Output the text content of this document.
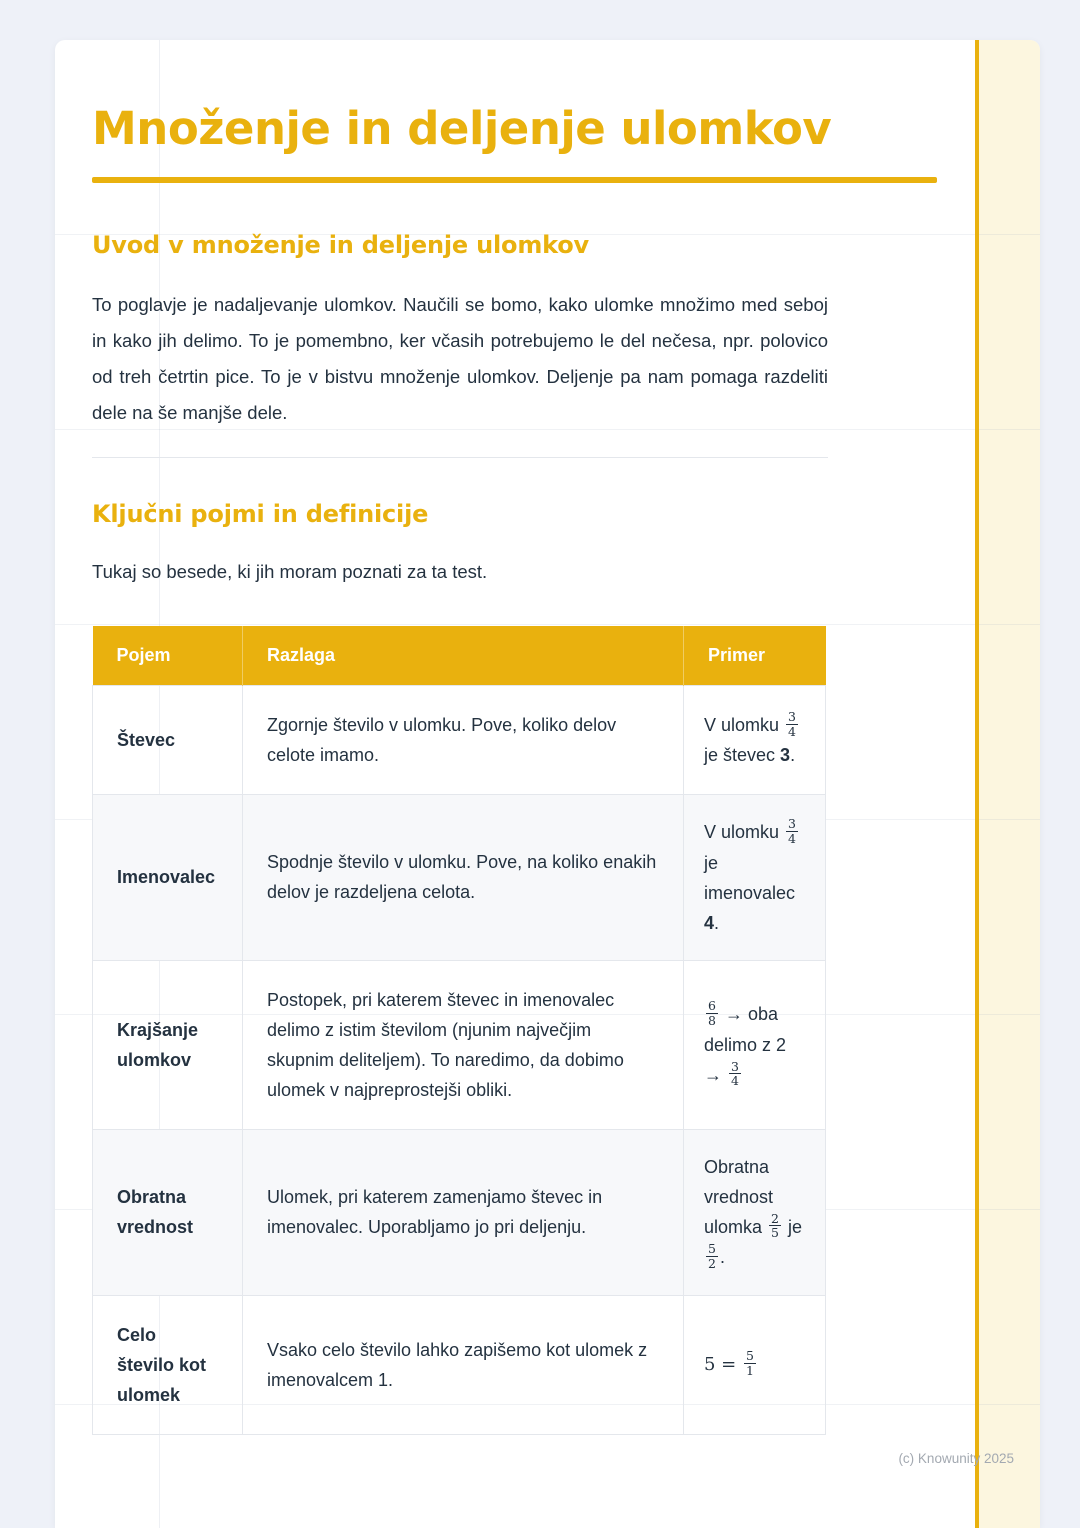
Množenje in deljenje ulomkov
Uvod v množenje in deljenje ulomkov

To poglavje je nadaljevanje ulomkov. Naučili se bomo, kako ulomke množimo med seboj in kako jih delimo. To je pomembno, ker včasih potrebujemo le del nečesa, npr. polovico od treh četrtin pice. To je v bistvu množenje ulomkov. Deljenje pa nam pomaga razdeliti dele na še manjše dele.

Ključni pojmi in definicije

Tukaj so besede, ki jih moram poznati za ta test.

Pojem	Razlaga	Primer
Števec	Zgornje število v ulomku. Pove, koliko delov celote imamo.	V ulomku $\frac{3}{4}$
je števec 3.
Imenovalec	Spodnje število v ulomku. Pove, na koliko enakih delov je razdeljena celota.	V ulomku $\frac{3}{4}$
je imenovalec 4.
Krajšanje ulomkov	Postopek, pri katerem števec in imenovalec delimo z istim številom (njunim največjim skupnim deliteljem). To naredimo, da dobimo ulomek v najpreprostejši obliki.	$\frac{6}{8}$ → oba delimo z $2 \to \frac{3}{4}$

Obratna vrednost	Ulomek, pri katerem zamenjamo števec in imenovalec. Uporabljamo jo pri deljenju.	Obratna vrednost ulomka $\frac{2}{5}$ je
$\frac{5}{2}$ .
Celo število kot ulomek	Vsako celo število lahko zapišemo kot ulomek z imenovalcem 1.	$5 = \frac{5}{1}$
(c) Knowunity 2025
